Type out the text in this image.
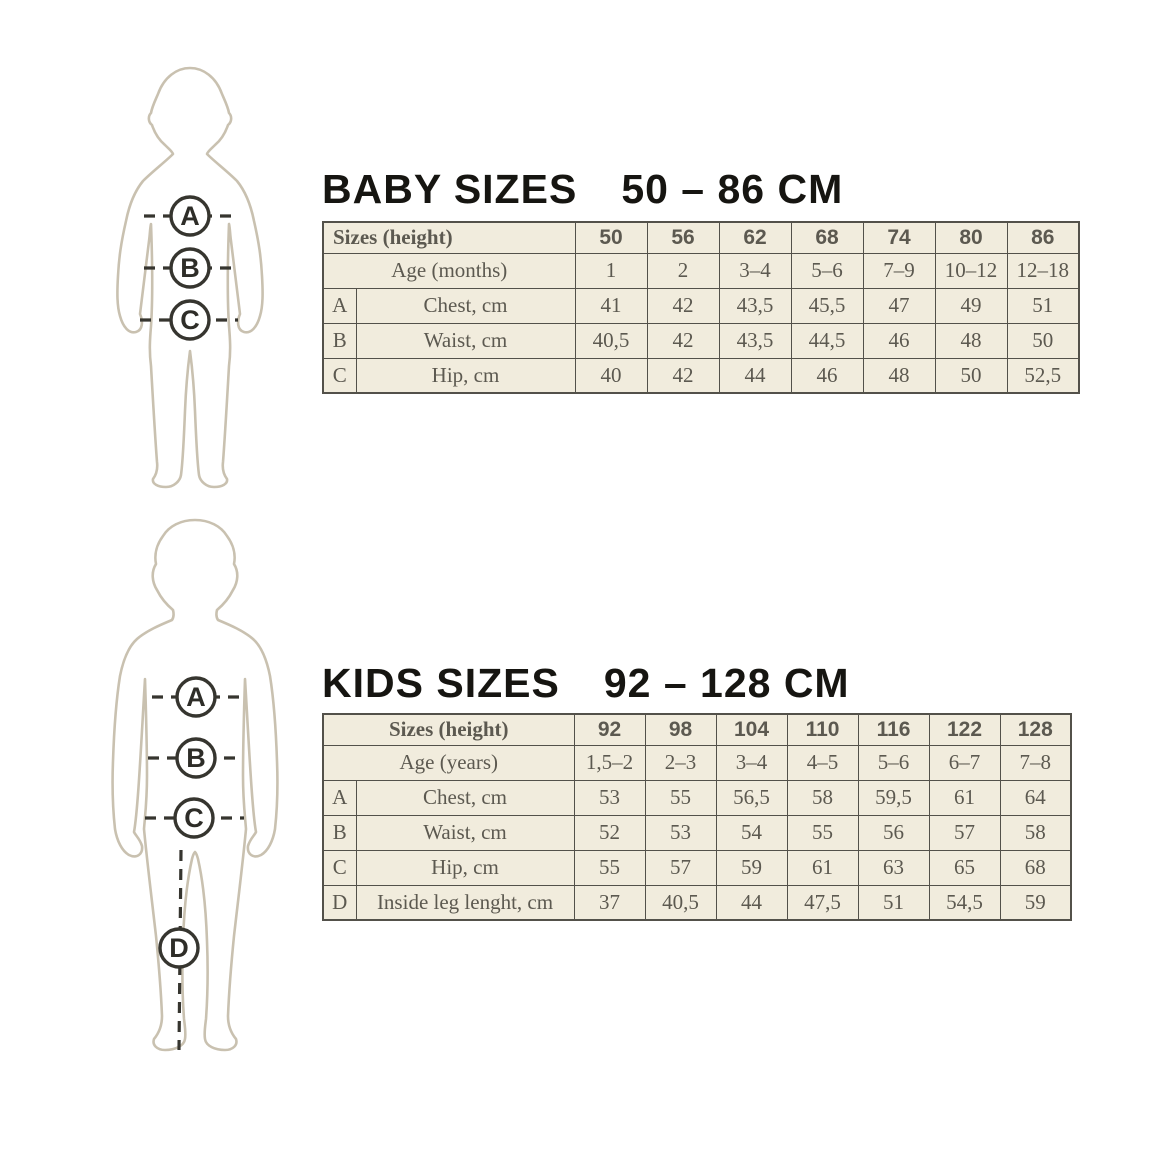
A
B
C
BABY SIZES 50 – 86 CM
Sizes (height)		50	56	62	68	74	80	86
Age (months)		1	2	3–4	5–6	7–9	10–12	12–18
A	Chest, cm	41	42	43,5	45,5	47	49	51
B	Waist, cm	40,5	42	43,5	44,5	46	48	50
C	Hip, cm	40	42	44	46	48	50	52,5
A
B
C
D
KIDS SIZES 92 – 128 CM
Sizes (height)		92	98	104	110	116	122	128
Age (years)		1,5–2	2–3	3–4	4–5	5–6	6–7	7–8
A	Chest, cm	53	55	56,5	58	59,5	61	64
B	Waist, cm	52	53	54	55	56	57	58
C	Hip, cm	55	57	59	61	63	65	68
D	Inside leg lenght, cm	37	40,5	44	47,5	51	54,5	59
